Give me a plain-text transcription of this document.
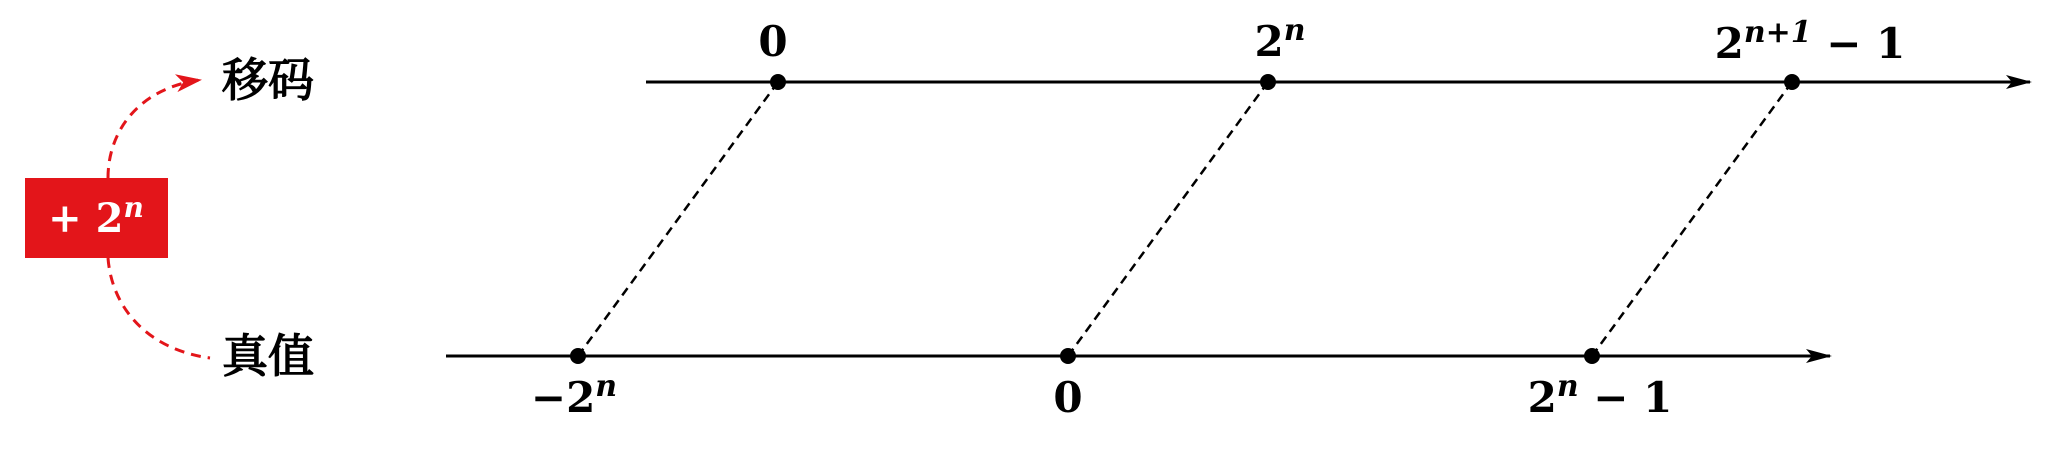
0	2$^n$	$2^{n+1} - 1$
$-2^n$	0	$2^n - 1$
移码
真值
+ $2^n$
